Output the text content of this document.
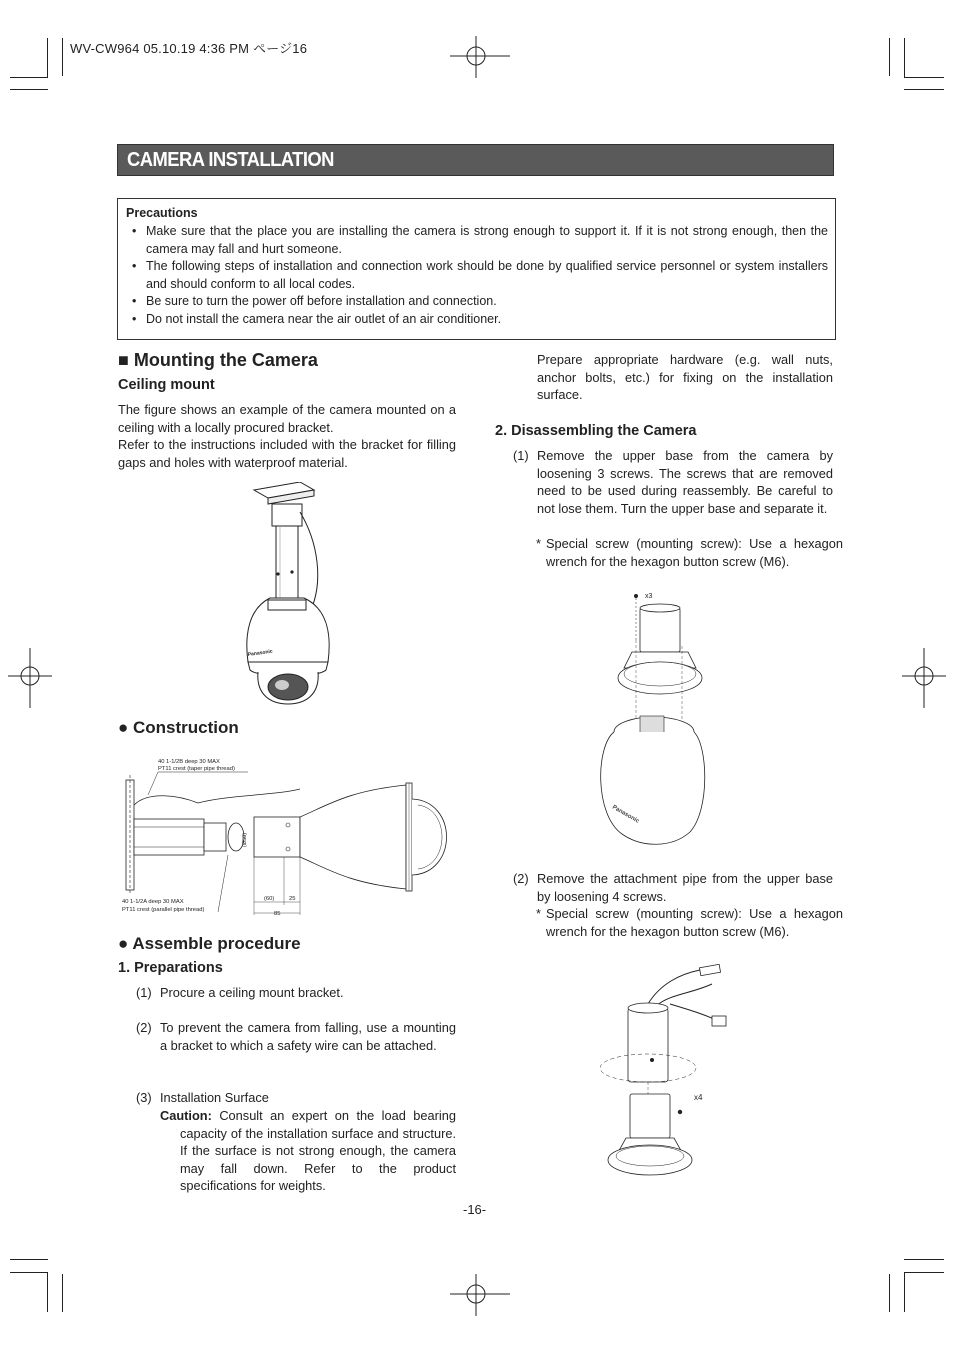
WV-CW964 05.10.19 4:36 PM ページ16
CAMERA INSTALLATION
Precautions
• Make sure that the place you are installing the camera is strong enough to support it. If it is not strong enough, then the camera may fall and hurt someone.
• The following steps of installation and connection work should be done by qualified service personnel or system installers and should conform to all local codes.
• Be sure to turn the power off before installation and connection.
• Do not install the camera near the air outlet of an air conditioner.
■ Mounting the Camera
Ceiling mount
The figure shows an example of the camera mounted on a ceiling with a locally procured bracket.
Refer to the instructions included with the bracket for filling gaps and holes with waterproof material.
Panasonic
● Construction
40 1-1/2B deep 30 MAX
PT11 crest (taper pipe thread)
(Ø58)
(60)	25
85
40 1-1/2A deep 30 MAX
PT11 crest (parallel pipe thread)
● Assemble procedure
1. Preparations
(1) Procure a ceiling mount bracket.
(2) To prevent the camera from falling, use a mounting a bracket to which a safety wire can be attached.
(3) Installation Surface
Caution: Consult an expert on the load bearing capacity of the installation surface and structure. If the surface is not strong enough, the camera may fall down. Refer to the product specifications for weights.
Prepare appropriate hardware (e.g. wall nuts, anchor bolts, etc.) for fixing on the installation surface.
2. Disassembling the Camera
(1) Remove the upper base from the camera by loosening 3 screws. The screws that are removed need to be used during reassembly. Be careful to not lose them. Turn the upper base and separate it.
* Special screw (mounting screw): Use a hexagon wrench for the hexagon button screw (M6).
x3
Panasonic
(2) Remove the attachment pipe from the upper base by loosening 4 screws.
* Special screw (mounting screw): Use a hexagon wrench for the hexagon button screw (M6).
x4
-16-
